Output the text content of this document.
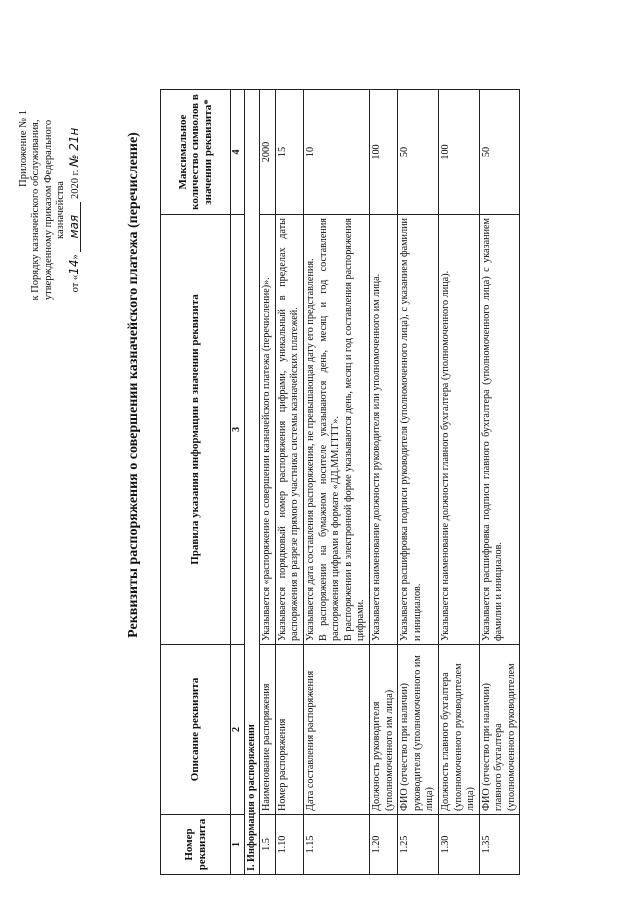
Приложение № 1 к Порядку казначейского обслуживания, утвержденному приказом Федерального казначейства
от «14» мая 2020 г. № 21н	Реквизиты распоряжения о совершении казначейского платежа (перечисление)
Номер реквизита	Описание реквизита	Правила указания информации в значении реквизита	Максимальное количество символов в значении реквизита*
1	2	3	4
I. Информация о распоряжении			
1.5	Наименование распоряжения	Указывается «распоряжение о совершении казначейского платежа (перечисление)».	2000
1.10	Номер распоряжения	Указывается порядковый номер распоряжения цифрами, уникальный в пределах даты распоряжения в разрезе прямого участника системы казначейских платежей.	15
1.15	Дата составления распоряжения	Указывается дата составления распоряжения, не превышающая дату его представления. В распоряжении на бумажном носителе указываются день, месяц и год составления распоряжения цифрами в формате «ДД.ММ.ГГГГ». В распоряжении в электронной форме указываются день, месяц и год составления распоряжения цифрами.	10
1.20	Должность руководителя (уполномоченного им лица)	Указывается наименование должности руководителя или уполномоченного им лица.	100
1.25	ФИО (отчество при наличии) руководителя (уполномоченного им лица)	Указывается расшифровка подписи руководителя (уполномоченного лица), с указанием фамилии и инициалов.	50
1.30	Должность главного бухгалтера (уполномоченного руководителем лица)	Указывается наименование должности главного бухгалтера (уполномоченного лица).	100
1.35	ФИО (отчество при наличии) главного бухгалтера (уполномоченного руководителем	Указывается расшифровка подписи главного бухгалтера (уполномоченного лица) с указанием фамилии и инициалов.	50
